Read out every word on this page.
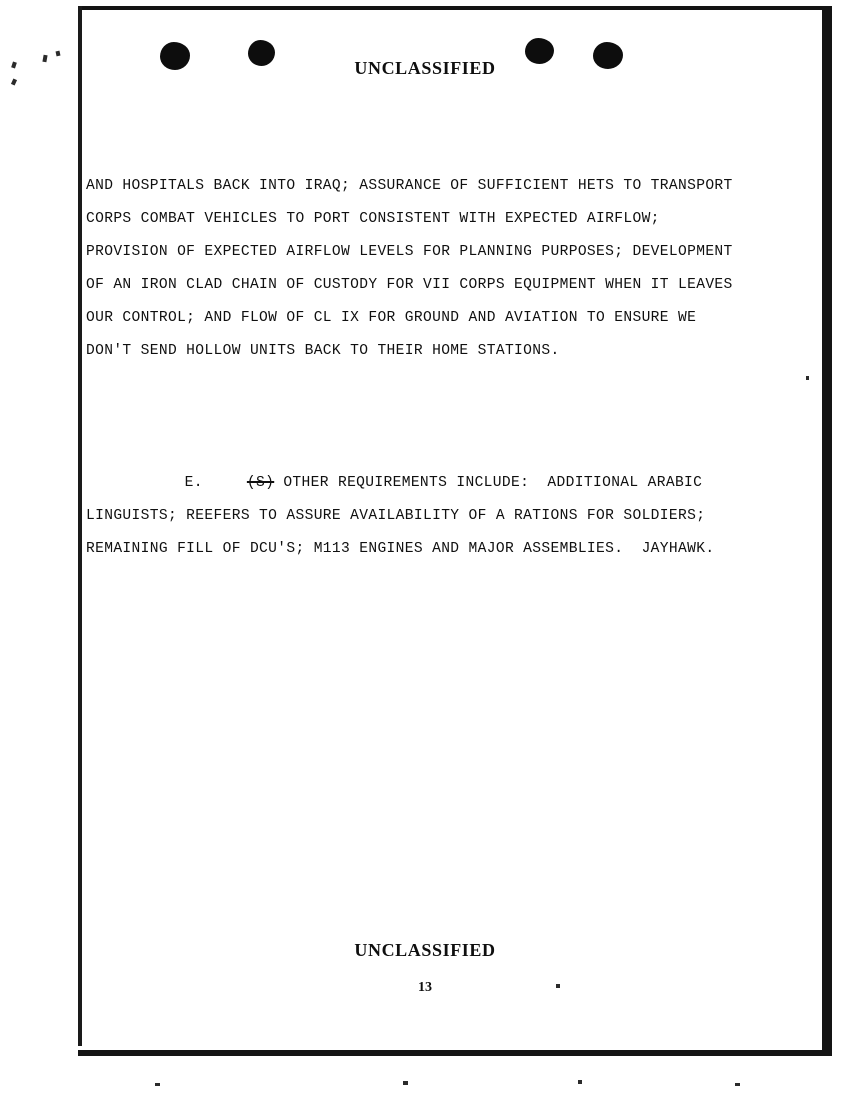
UNCLASSIFIED

AND HOSPITALS BACK INTO IRAQ; ASSURANCE OF SUFFICIENT HETS TO TRANSPORT CORPS COMBAT VEHICLES TO PORT CONSISTENT WITH EXPECTED AIRFLOW; PROVISION OF EXPECTED AIRFLOW LEVELS FOR PLANNING PURPOSES; DEVELOPMENT OF AN IRON CLAD CHAIN OF CUSTODY FOR VII CORPS EQUIPMENT WHEN IT LEAVES OUR CONTROL; AND FLOW OF CL IX FOR GROUND AND AVIATION TO ENSURE WE DON'T SEND HOLLOW UNITS BACK TO THEIR HOME STATIONS.

E.	(S) OTHER REQUIREMENTS INCLUDE:  ADDITIONAL ARABIC LINGUISTS; REEFERS TO ASSURE AVAILABILITY OF A RATIONS FOR SOLDIERS; REMAINING FILL OF DCU'S; M113 ENGINES AND MAJOR ASSEMBLIES.  JAYHAWK.

UNCLASSIFIED
13
